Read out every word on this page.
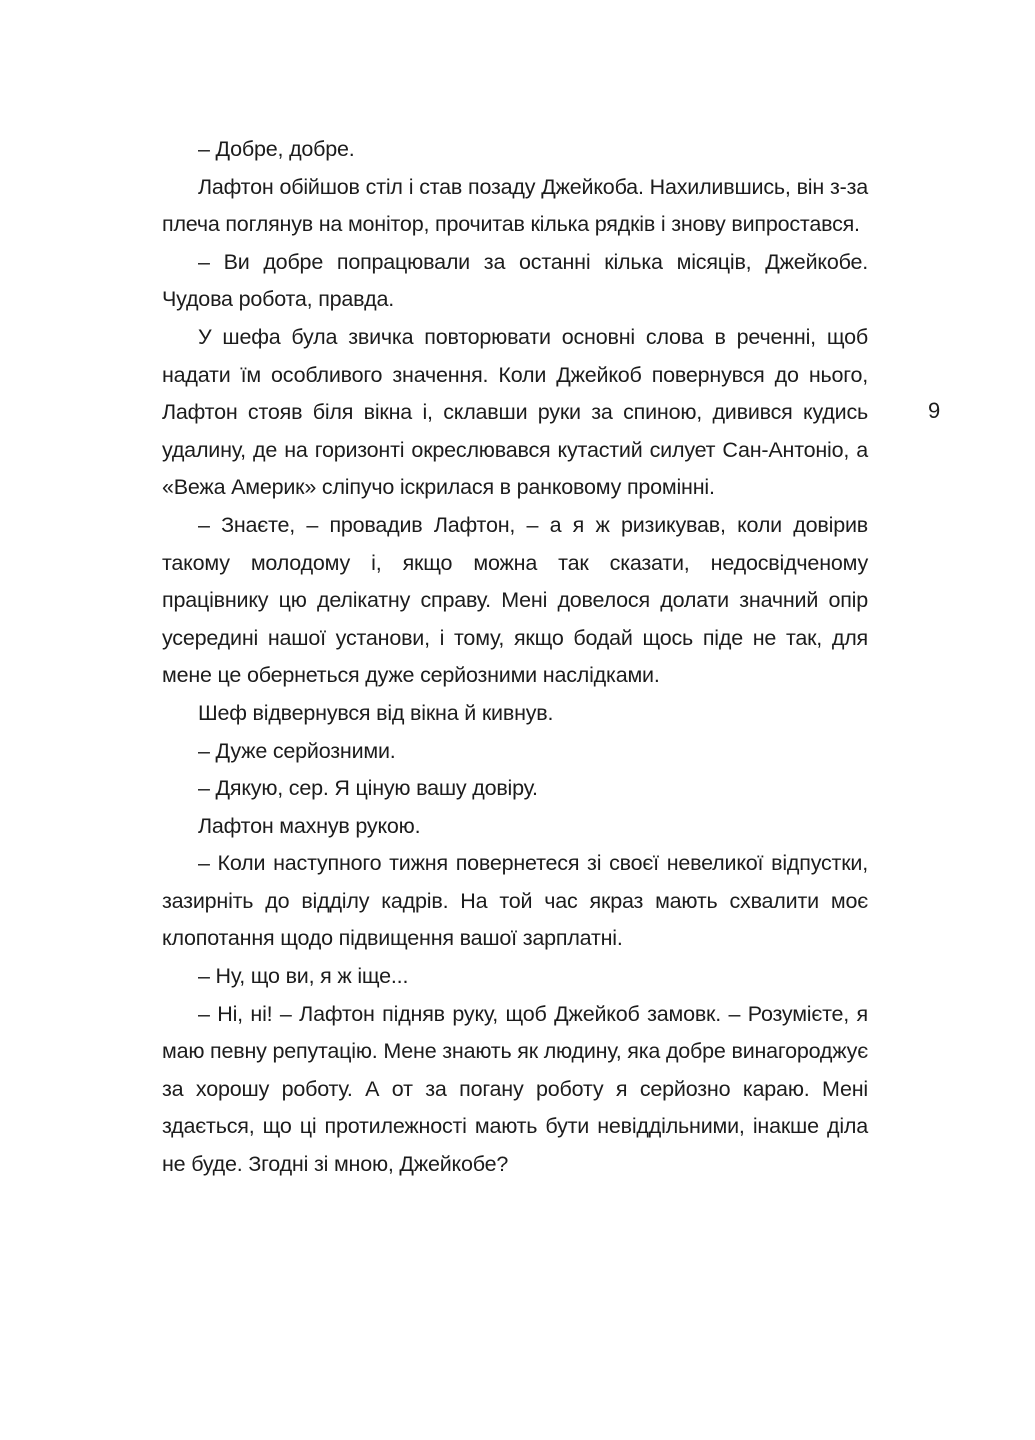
– Добре, добре.

Лафтон обійшов стіл і став позаду Джейкоба. Нахилившись, він з-за плеча поглянув на монітор, прочитав кілька рядків і знову випростався.

– Ви добре попрацювали за останні кілька місяців, Джейкобе. Чудова робота, правда.

У шефа була звичка повторювати основні слова в реченні, щоб надати їм особливого значення. Коли Джейкоб повернувся до нього, Лафтон стояв біля вікна і, склавши руки за спиною, дивився кудись удалину, де на горизонті окреслювався кутастий силует Сан-Антоніо, а «Вежа Америк» сліпучо іскрилася в ранковому промінні.

– Знаєте, – провадив Лафтон, – а я ж ризикував, коли довірив такому молодому і, якщо можна так сказати, недосвідченому працівнику цю делікатну справу. Мені довелося долати значний опір усередині нашої установи, і тому, якщо бодай щось піде не так, для мене це обернеться дуже серйозними наслідками.

Шеф відвернувся від вікна й кивнув.

– Дуже серйозними.

– Дякую, сер. Я ціную вашу довіру.

Лафтон махнув рукою.

– Коли наступного тижня повернетеся зі своєї невеликої відпустки, зазирніть до відділу кадрів. На той час якраз мають схвалити моє клопотання щодо підвищення вашої зарплатні.

– Ну, що ви, я ж іще...

– Ні, ні! – Лафтон підняв руку, щоб Джейкоб замовк. – Розумієте, я маю певну репутацію. Мене знають як людину, яка добре винагороджує за хорошу роботу. А от за погану роботу я серйозно караю. Мені здається, що ці протилежності мають бути невіддільними, інакше діла не буде. Згодні зі мною, Джейкобе?

9
